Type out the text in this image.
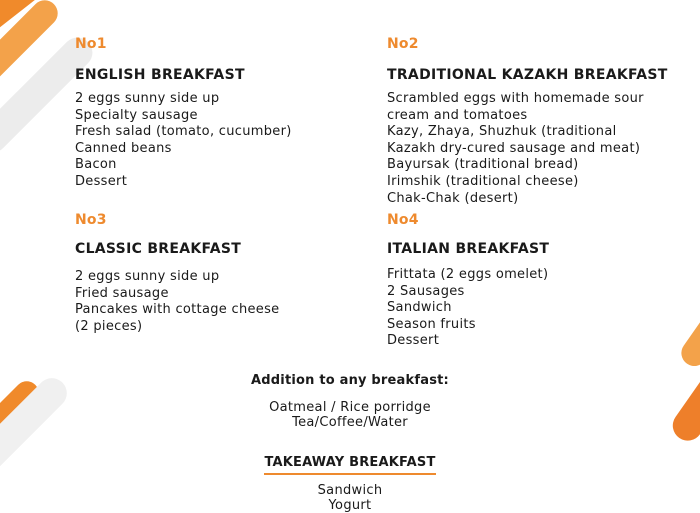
No1
ENGLISH BREAKFAST
2 eggs sunny side up
Specialty sausage
Fresh salad (tomato, cucumber)
Canned beans
Bacon
Dessert
No2
TRADITIONAL KAZAKH BREAKFAST
Scrambled eggs with homemade sour
cream and tomatoes
Kazy, Zhaya, Shuzhuk (traditional
Kazakh dry-cured sausage and meat)
Bayursak (traditional bread)
Irimshik (traditional cheese)
Chak-Chak (desert)
No3
CLASSIC BREAKFAST
2 eggs sunny side up
Fried sausage
Pancakes with cottage cheese
(2 pieces)
No4
ITALIAN BREAKFAST
Frittata (2 eggs omelet)
2 Sausages
Sandwich
Season fruits
Dessert
Addition to any breakfast:
Oatmeal / Rice porridge
Tea/Coffee/Water
TAKEAWAY BREAKFAST
Sandwich
Yogurt
